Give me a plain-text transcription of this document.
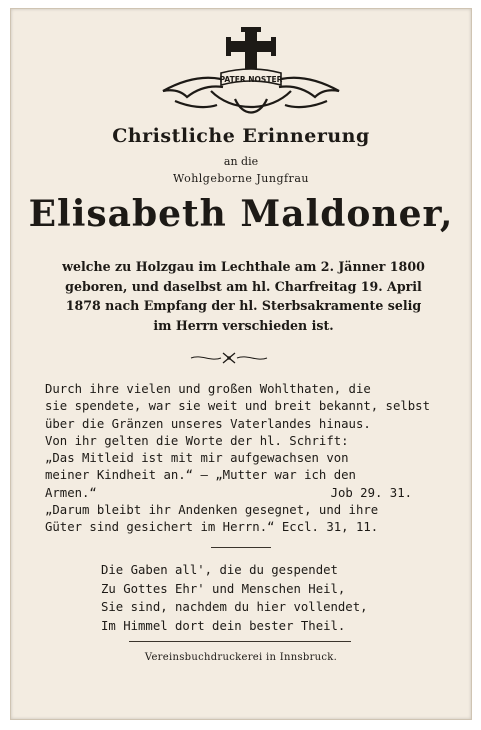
PATER NOSTER
Christliche Erinnerung
an die
Wohlgeborne Jungfrau
Elisabeth Maldoner,
welche zu Holzgau im Lechthale am 2. Jänner 1800
geboren, und daselbst am hl. Charfreitag 19. April
1878 nach Empfang der hl. Sterbsakramente selig
im Herrn verschieden ist.
Durch ihre vielen und großen Wohlthaten, die
sie spendete, war sie weit und breit bekannt, selbst
über die Gränzen unseres Vaterlandes hinaus.
Von ihr gelten die Worte der hl. Schrift:
„Das Mitleid ist mit mir aufgewachsen von
meiner Kindheit an.“ — „Mutter war ich den
Armen.“	Job 29. 31.
„Darum bleibt ihr Andenken gesegnet, und ihre
Güter sind gesichert im Herrn.“ Eccl. 31, 11.
Die Gaben all', die du gespendet
Zu Gottes Ehr' und Menschen Heil,
Sie sind, nachdem du hier vollendet,
Im Himmel dort dein bester Theil.
Vereinsbuchdruckerei in Innsbruck.
